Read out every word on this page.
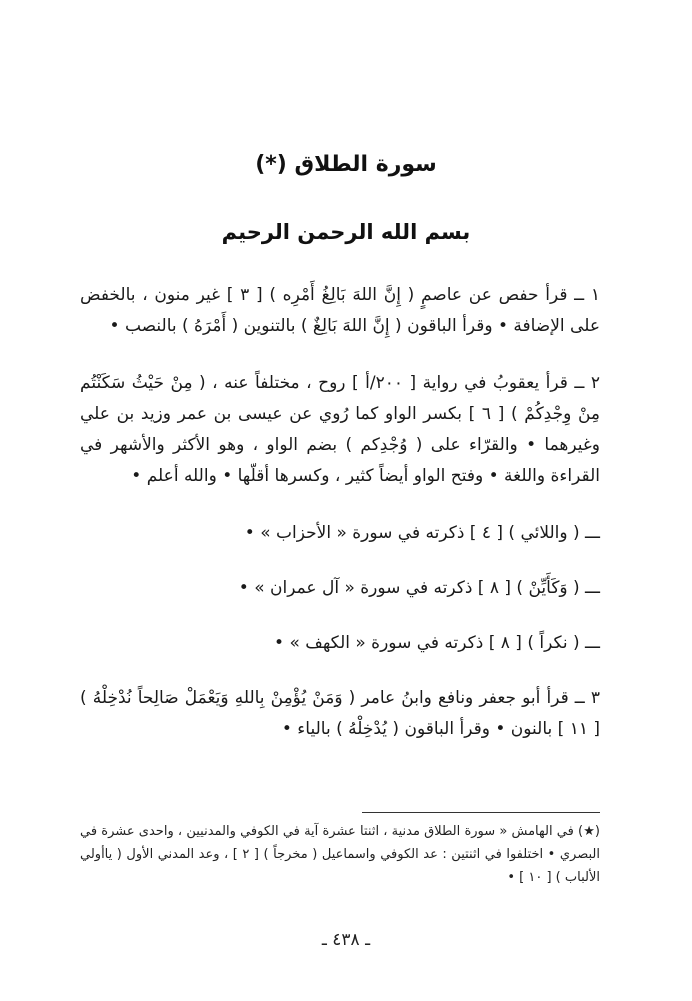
سورة الطلاق (*)
بسم الله الرحمن الرحيم

١ ــ قرأ حفص عن عاصمٍ ( إِنَّ اللهَ بَالِغُ أَمْرِه ) [ ٣ ] غير منون ، بالخفض على الإضافة • وقرأ الباقون ( إِنَّ اللهَ بَالِغٌ ) بالتنوين ( أَمْرَهُ ) بالنصب •

٢ ــ قرأ يعقوبُ في رواية [ ٢٠٠/أ ] روح ، مختلفاً عنه ، ( مِنْ حَيْثُ سَكَنْتُم مِنْ وِجْدِكُمْ ) [ ٦ ] بكسر الواو كما رُوي عن عيسى بن عمر وزيد بن علي وغيرهما • والقرّاء على ( وُجْدِكم ) بضم الواو ، وهو الأكثر والأشهر في القراءة واللغة • وفتح الواو أيضاً كثير ، وكسرها أقلّها • والله أعلم •

ـــ ( واللائي ) [ ٤ ] ذكرته في سورة « الأحزاب » •

ـــ ( وَكَأَيِّنْ ) [ ٨ ] ذكرته في سورة « آل عمران » •

ـــ ( نكراً ) [ ٨ ] ذكرته في سورة « الكهف » •

٣ ــ قرأ أبو جعفر ونافع وابنُ عامر ( وَمَنْ يُؤْمِنْ بِاللهِ وَيَعْمَلْ صَالِحاً نُدْخِلْهُ ) [ ١١ ] بالنون • وقرأ الباقون ( يُدْخِلْهُ ) بالياء •

(★) في الهامش « سورة الطلاق مدنية ، اثنتا عشرة آية في الكوفي والمدنيين ، واحدى عشرة في البصري • اختلفوا في اثنتين : عد الكوفي واسماعيل ( مخرجاً ) [ ٢ ] ، وعد المدني الأول ( ياأولي الألباب ) [ ١٠ ] •

ـ ٤٣٨ ـ
